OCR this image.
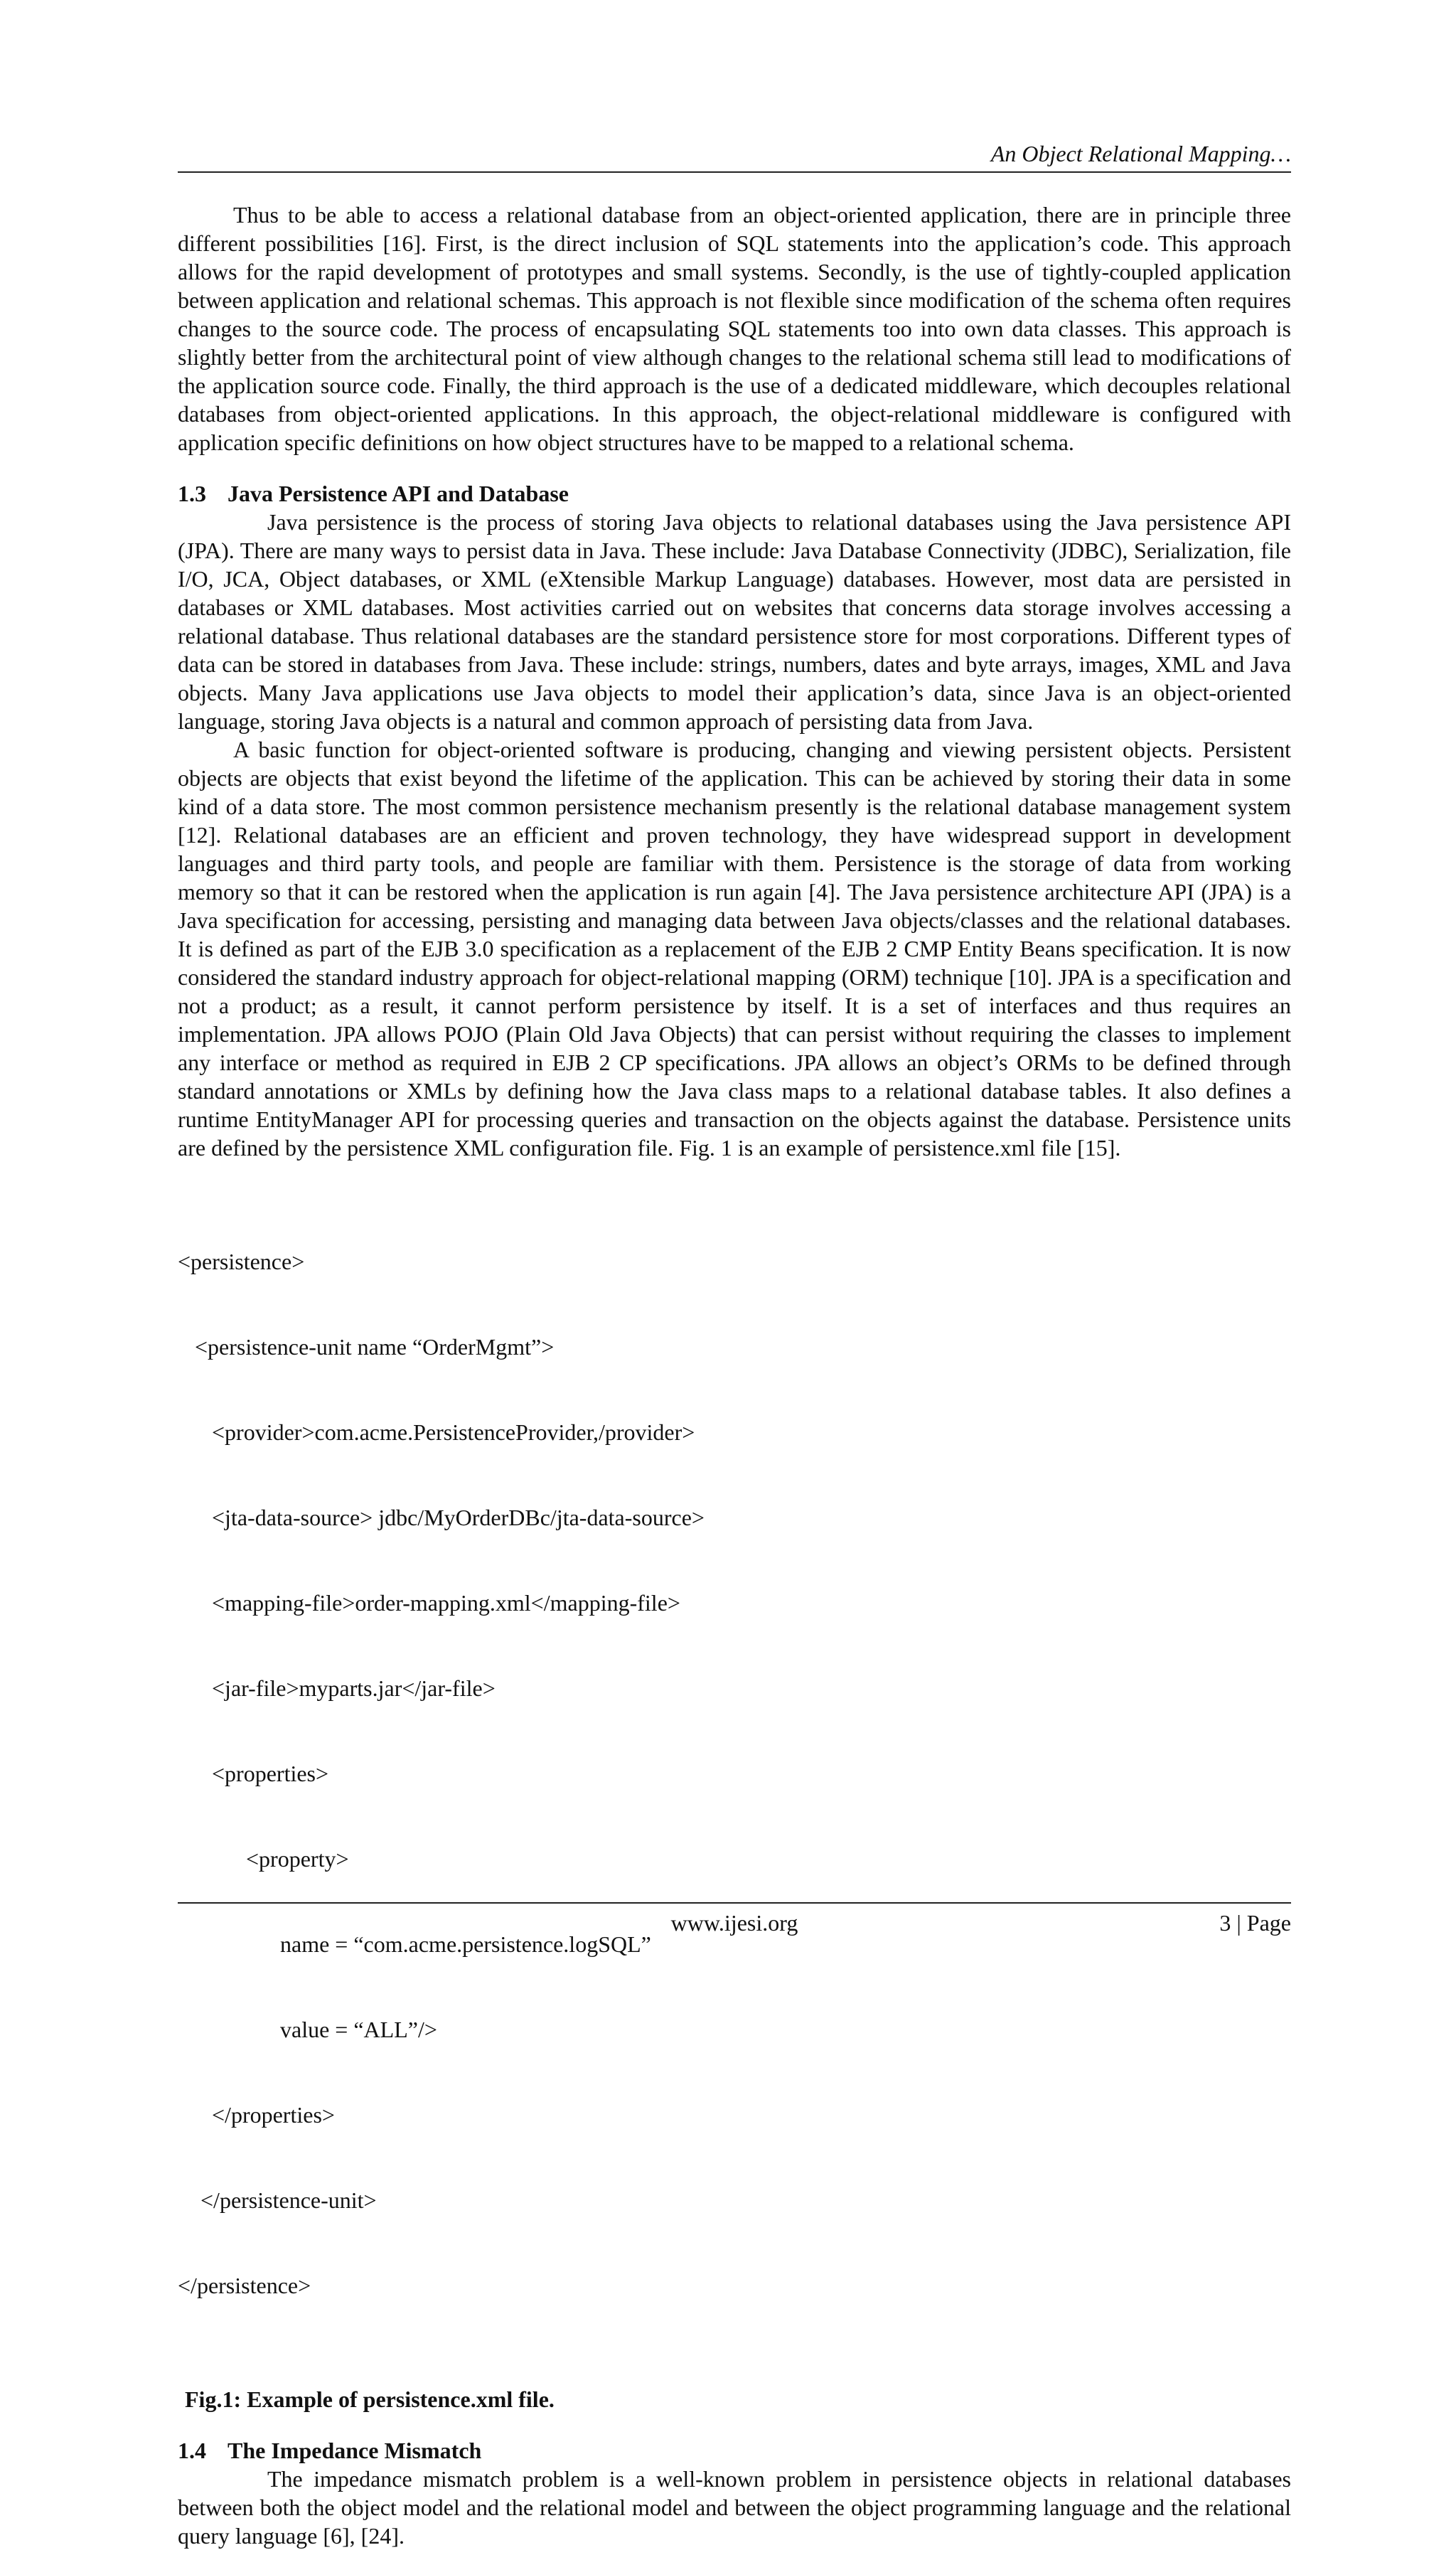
An Object Relational Mapping…

Thus to be able to access a relational database from an object-oriented application, there are in principle three different possibilities [16]. First, is the direct inclusion of SQL statements into the application’s code. This approach allows for the rapid development of prototypes and small systems. Secondly, is the use of tightly-coupled application between application and relational schemas. This approach is not flexible since modification of the schema often requires changes to the source code. The process of encapsulating SQL statements too into own data classes. This approach is slightly better from the architectural point of view although changes to the relational schema still lead to modifications of the application source code. Finally, the third approach is the use of a dedicated middleware, which decouples relational databases from object-oriented applications. In this approach, the object-relational middleware is configured with application specific definitions on how object structures have to be mapped to a relational schema.

1.3 Java Persistence API and Database

Java persistence is the process of storing Java objects to relational databases using the Java persistence API (JPA). There are many ways to persist data in Java. These include: Java Database Connectivity (JDBC), Serialization, file I/O, JCA, Object databases, or XML (eXtensible Markup Language) databases. However, most data are persisted in databases or XML databases. Most activities carried out on websites that concerns data storage involves accessing a relational database. Thus relational databases are the standard persistence store for most corporations. Different types of data can be stored in databases from Java. These include: strings, numbers, dates and byte arrays, images, XML and Java objects. Many Java applications use Java objects to model their application’s data, since Java is an object-oriented language, storing Java objects is a natural and common approach of persisting data from Java.

A basic function for object-oriented software is producing, changing and viewing persistent objects. Persistent objects are objects that exist beyond the lifetime of the application. This can be achieved by storing their data in some kind of a data store. The most common persistence mechanism presently is the relational database management system [12]. Relational databases are an efficient and proven technology, they have widespread support in development languages and third party tools, and people are familiar with them. Persistence is the storage of data from working memory so that it can be restored when the application is run again [4]. The Java persistence architecture API (JPA) is a Java specification for accessing, persisting and managing data between Java objects/classes and the relational databases. It is defined as part of the EJB 3.0 specification as a replacement of the EJB 2 CMP Entity Beans specification. It is now considered the standard industry approach for object-relational mapping (ORM) technique [10]. JPA is a specification and not a product; as a result, it cannot perform persistence by itself. It is a set of interfaces and thus requires an implementation. JPA allows POJO (Plain Old Java Objects) that can persist without requiring the classes to implement any interface or method as required in EJB 2 CP specifications. JPA allows an object’s ORMs to be defined through standard annotations or XMLs by defining how the Java class maps to a relational database tables. It also defines a runtime EntityManager API for processing queries and transaction on the objects against the database. Persistence units are defined by the persistence XML configuration file. Fig. 1 is an example of persistence.xml file [15].

<persistence>

<persistence-unit name “OrderMgmt”>

<provider>com.acme.PersistenceProvider,/provider>

<jta-data-source> jdbc/MyOrderDBc/jta-data-source>

<mapping-file>order-mapping.xml</mapping-file>

<jar-file>myparts.jar</jar-file>

<properties>

<property>

name = “com.acme.persistence.logSQL”

value = “ALL”/>

</properties>

</persistence-unit>

</persistence>

Fig.1: Example of persistence.xml file.
1.4 The Impedance Mismatch

The impedance mismatch problem is a well-known problem in persistence objects in relational databases between both the object model and the relational model and between the object programming language and the relational query language [6], [24].

www.ijesi.org	3 | Page
